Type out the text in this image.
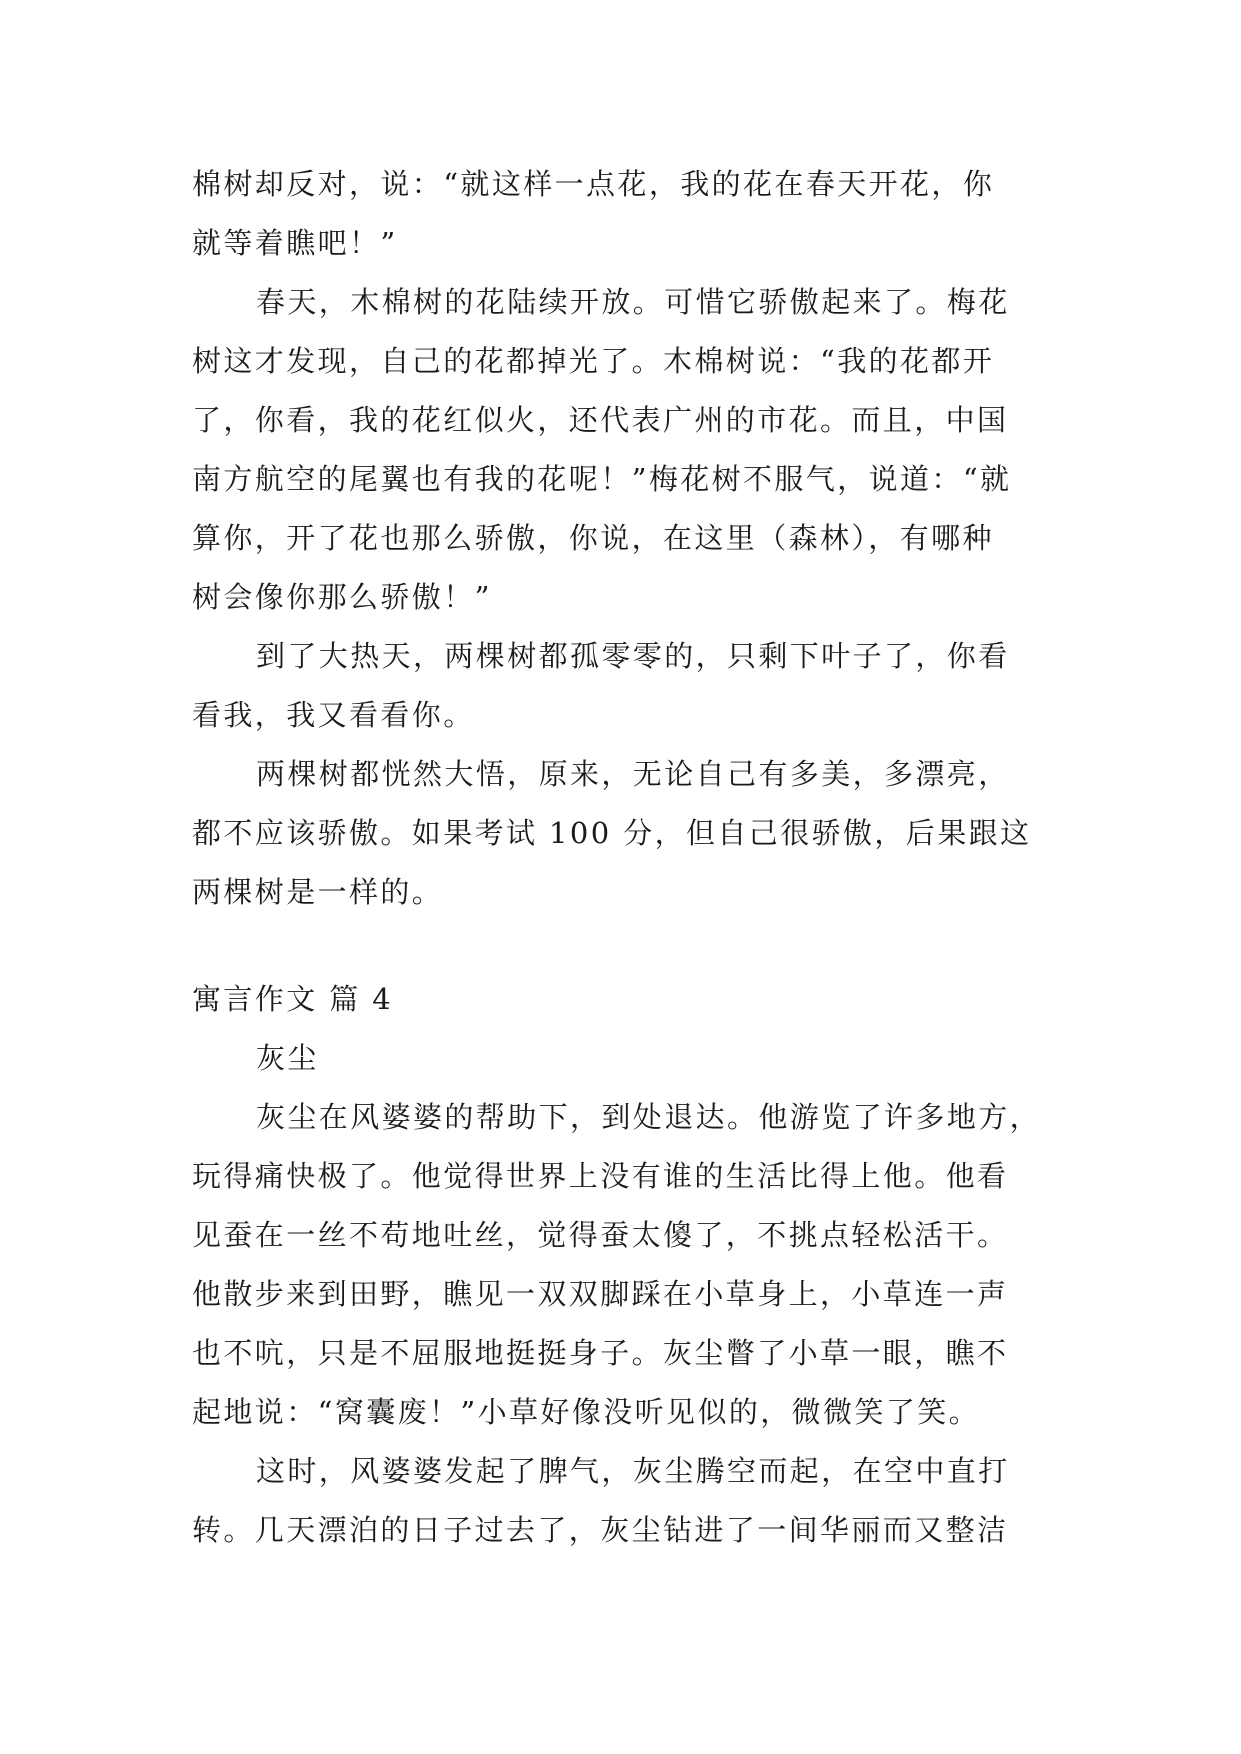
棉树却反对，说：“就这样一点花，我的花在春天开花，你
就等着瞧吧！”
春天，木棉树的花陆续开放。可惜它骄傲起来了。梅花
树这才发现，自己的花都掉光了。木棉树说：“我的花都开
了，你看，我的花红似火，还代表广州的市花。而且，中国
南方航空的尾翼也有我的花呢！”梅花树不服气，说道：“就
算你，开了花也那么骄傲，你说，在这里（森林），有哪种
树会像你那么骄傲！”
到了大热天，两棵树都孤零零的，只剩下叶子了，你看
看我，我又看看你。
两棵树都恍然大悟，原来，无论自己有多美，多漂亮，
都不应该骄傲。如果考试 100 分，但自己很骄傲，后果跟这
两棵树是一样的。
寓言作文 篇 4
灰尘
灰尘在风婆婆的帮助下，到处退达。他游览了许多地方，
玩得痛快极了。他觉得世界上没有谁的生活比得上他。他看
见蚕在一丝不苟地吐丝，觉得蚕太傻了，不挑点轻松活干。
他散步来到田野，瞧见一双双脚踩在小草身上，小草连一声
也不吭，只是不屈服地挺挺身子。灰尘瞥了小草一眼，瞧不
起地说：“窝囊废！”小草好像没听见似的，微微笑了笑。
这时，风婆婆发起了脾气，灰尘腾空而起，在空中直打
转。几天漂泊的日子过去了，灰尘钻进了一间华丽而又整洁
